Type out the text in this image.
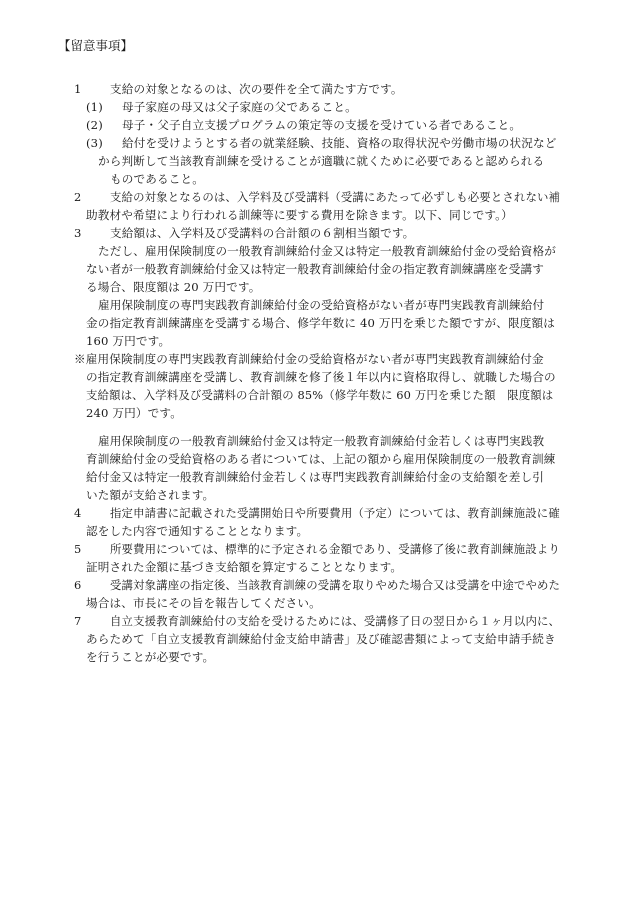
【留意事項】
1 支給の対象となるのは、次の要件を全て満たす方です。
(1) 母子家庭の母又は父子家庭の父であること。
(2) 母子・父子自立支援プログラムの策定等の支援を受けている者であること。
(3) 給付を受けようとする者の就業経験、技能、資格の取得状況や労働市場の状況など
から判断して当該教育訓練を受けることが適職に就くために必要であると認められる
ものであること。
2	支給の対象となるのは、入学料及び受講料（受講にあたって必ずしも必要とされない補
助教材や希望により行われる訓練等に要する費用を除きます。以下、同じです。）
3 支給額は、入学料及び受講料の合計額の６割相当額です。
ただし、雇用保険制度の一般教育訓練給付金又は特定一般教育訓練給付金の受給資格が
ない者が一般教育訓練給付金又は特定一般教育訓練給付金の指定教育訓練講座を受講す
る場合、限度額は 20 万円です。
雇用保険制度の専門実践教育訓練給付金の受給資格がない者が専門実践教育訓練給付
金の指定教育訓練講座を受講する場合、修学年数に 40 万円を乗じた額ですが、限度額は
160 万円です。
※雇用保険制度の専門実践教育訓練給付金の受給資格がない者が専門実践教育訓練給付金
の指定教育訓練講座を受講し、教育訓練を修了後１年以内に資格取得し、就職した場合の
支給額は、入学料及び受講料の合計額の 85%（修学年数に 60 万円を乗じた額　限度額は
240 万円）です。
雇用保険制度の一般教育訓練給付金又は特定一般教育訓練給付金若しくは専門実践教
育訓練給付金の受給資格のある者については、上記の額から雇用保険制度の一般教育訓練
給付金又は特定一般教育訓練給付金若しくは専門実践教育訓練給付金の支給額を差し引
いた額が支給されます。
4	指定申請書に記載された受講開始日や所要費用（予定）については、教育訓練施設に確
認をした内容で通知することとなります。
5	所要費用については、標準的に予定される金額であり、受講修了後に教育訓練施設より
証明された金額に基づき支給額を算定することとなります。
6	受講対象講座の指定後、当該教育訓練の受講を取りやめた場合又は受講を中途でやめた
場合は、市長にその旨を報告してください。
7	自立支援教育訓練給付の支給を受けるためには、受講修了日の翌日から１ヶ月以内に、
あらためて「自立支援教育訓練給付金支給申請書」及び確認書類によって支給申請手続き
を行うことが必要です。
